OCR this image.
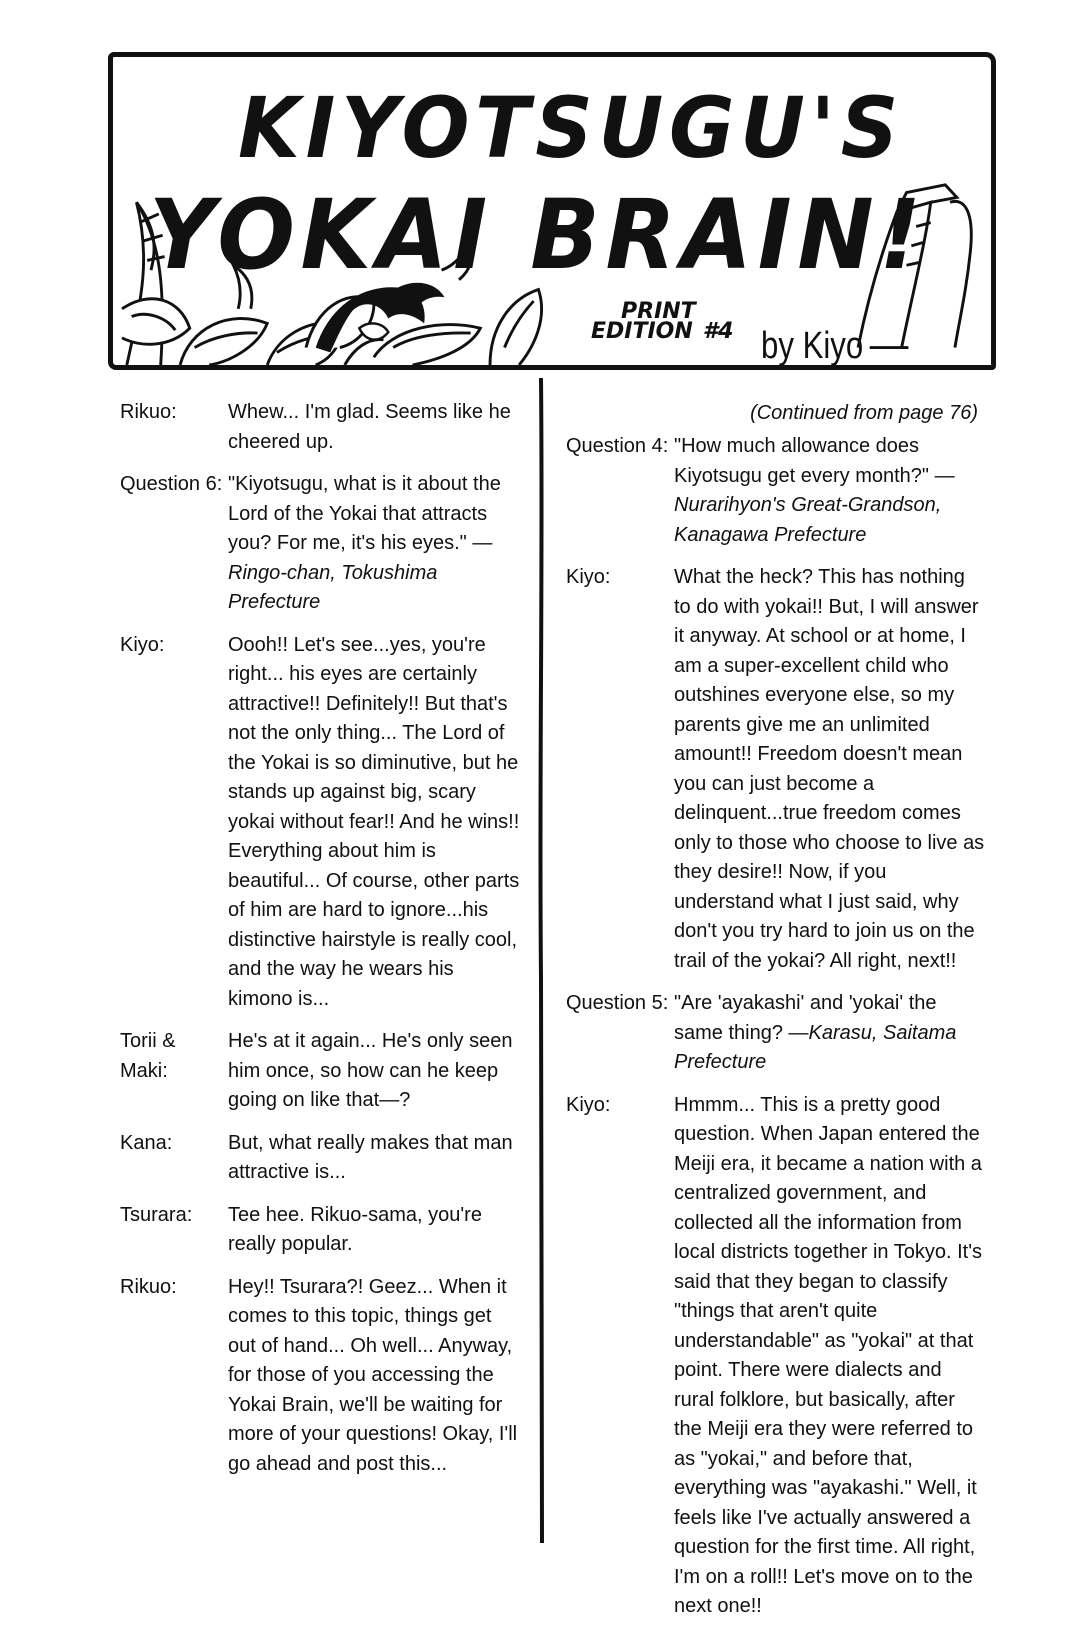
KIYOTSUGU'S
YOKAI BRAIN!
PRINT
EDITION #4 by Kiyo
Rikuo:	Whew... I'm glad. Seems like he cheered up.
Question 6: "Kiyotsugu, what is it about the Lord of the Yokai that attracts you? For me, it's his eyes." —Ringo-chan, Tokushima Prefecture
Kiyo:	Oooh!! Let's see...yes, you're right... his eyes are certainly attractive!! Definitely!! But that's not the only thing... The Lord of the Yokai is so diminutive, but he stands up against big, scary yokai without fear!! And he wins!! Everything about him is beautiful... Of course, other parts of him are hard to ignore...his distinctive hairstyle is really cool, and the way he wears his kimono is...
Torii & Maki:
He's at it again... He's only seen him once, so how can he keep going on like that—?
Kana:	But, what really makes that man attractive is...
Tsurara:	Tee hee. Rikuo-sama, you're really popular.
Rikuo:	Hey!! Tsurara?! Geez... When it comes to this topic, things get out of hand... Oh well... Anyway, for those of you accessing the Yokai Brain, we'll be waiting for more of your questions! Okay, I'll go ahead and post this...
(Continued from page 76)
Question 4: "How much allowance does Kiyotsugu get every month?" —Nurarihyon's Great-Grandson, Kanagawa Prefecture
Kiyo:	What the heck? This has nothing to do with yokai!! But, I will answer it anyway. At school or at home, I am a super-excellent child who outshines everyone else, so my parents give me an unlimited amount!! Freedom doesn't mean you can just become a delinquent...true freedom comes only to those who choose to live as they desire!! Now, if you understand what I just said, why don't you try hard to join us on the trail of the yokai? All right, next!!
Question 5: "Are 'ayakashi' and 'yokai' the same thing? —Karasu, Saitama Prefecture
Kiyo:	Hmmm... This is a pretty good question. When Japan entered the Meiji era, it became a nation with a centralized government, and collected all the information from local districts together in Tokyo. It's said that they began to classify "things that aren't quite understandable" as "yokai" at that point. There were dialects and rural folklore, but basically, after the Meiji era they were referred to as "yokai," and before that, everything was "ayakashi." Well, it feels like I've actually answered a question for the first time. All right, I'm on a roll!! Let's move on to the next one!!
